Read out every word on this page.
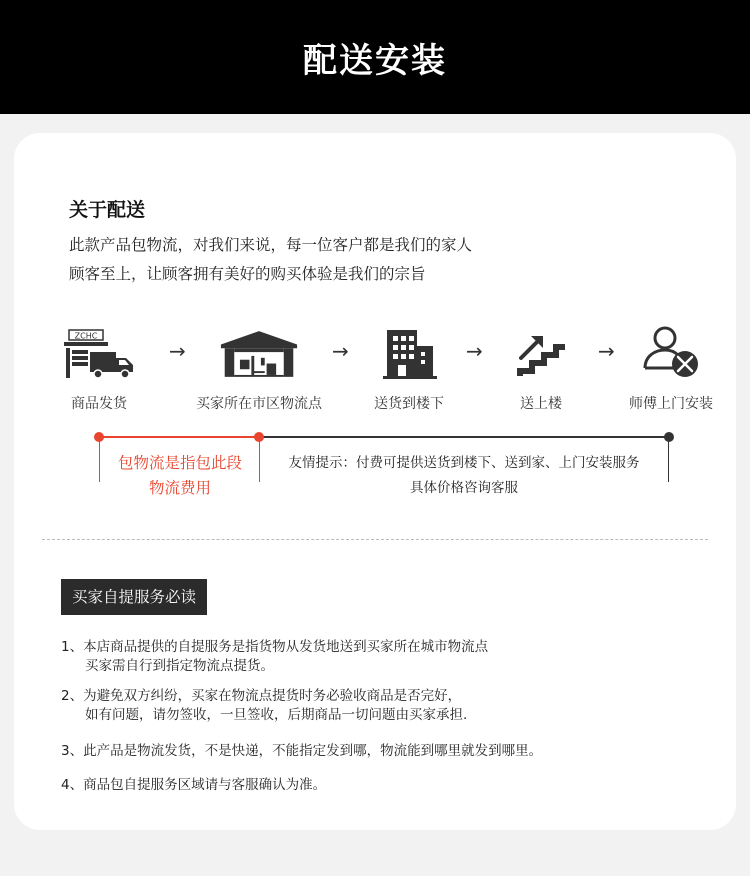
配送安装
关于配送
此款产品包物流，对我们来说，每一位客户都是我们的家人
顾客至上，让顾客拥有美好的购买体验是我们的宗旨
ZCHC
商品发货
→
买家所在市区物流点
→
送货到楼下
→
送上楼
→
师傅上门安装
包物流是指包此段
物流费用
友情提示：付费可提供送货到楼下、送到家、上门安装服务
具体价格咨询客服
买家自提服务必读
1、本店商品提供的自提服务是指货物从发货地送到买家所在城市物流点
买家需自行到指定物流点提货。
2、为避免双方纠纷，买家在物流点提货时务必验收商品是否完好，
如有问题，请勿签收，一旦签收，后期商品一切问题由买家承担.
3、此产品是物流发货，不是快递，不能指定发到哪，物流能到哪里就发到哪里。
4、商品包自提服务区域请与客服确认为准。
